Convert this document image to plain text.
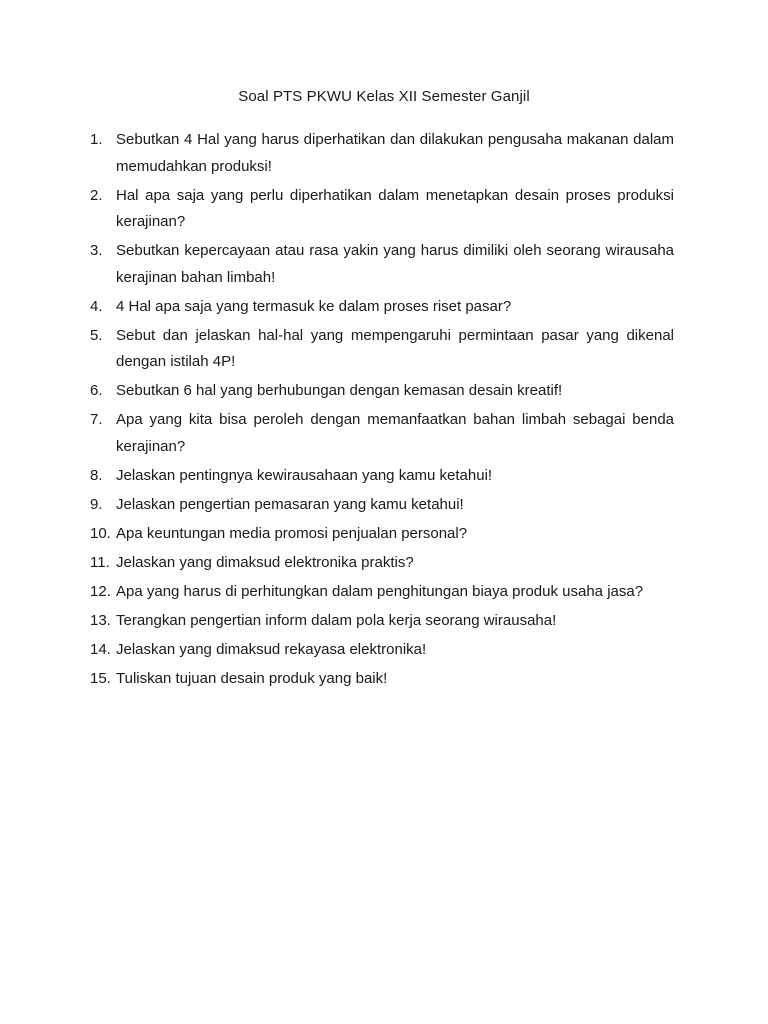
Soal PTS PKWU Kelas XII Semester Ganjil
1. Sebutkan 4 Hal yang harus diperhatikan dan dilakukan pengusaha makanan dalam memudahkan produksi!
2. Hal apa saja yang perlu diperhatikan dalam menetapkan desain proses produksi kerajinan?
3. Sebutkan kepercayaan atau rasa yakin yang harus dimiliki oleh seorang wirausaha kerajinan bahan limbah!
4. 4 Hal apa saja yang termasuk ke dalam proses riset pasar?
5. Sebut dan jelaskan hal-hal yang mempengaruhi permintaan pasar yang dikenal dengan istilah 4P!
6. Sebutkan 6 hal yang berhubungan dengan kemasan desain kreatif!
7. Apa yang kita bisa peroleh dengan memanfaatkan bahan limbah sebagai benda kerajinan?
8. Jelaskan pentingnya kewirausahaan yang kamu ketahui!
9. Jelaskan pengertian pemasaran yang kamu ketahui!
10. Apa keuntungan media promosi penjualan personal?
11. Jelaskan yang dimaksud elektronika praktis?
12. Apa yang harus di perhitungkan dalam penghitungan biaya produk usaha jasa?
13. Terangkan pengertian inform dalam pola kerja seorang wirausaha!
14. Jelaskan yang dimaksud rekayasa elektronika!
15. Tuliskan tujuan desain produk yang baik!
